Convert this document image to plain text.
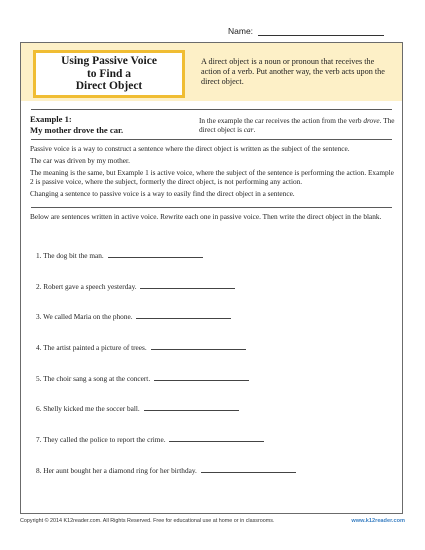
Name:
Using Passive Voice
to Find a
Direct Object
A direct object is a noun or pronoun that receives the action of a verb. Put another way, the verb acts upon the direct object.
Example 1:
My mother drove the car.
In the example the car receives the action from the verb drove. The direct object is car.
Passive voice is a way to construct a sentence where the direct object is written as the subject of the sentence.
The car was driven by my mother.
The meaning is the same, but Example 1 is active voice, where the subject of the sentence is performing the action. Example 2 is passive voice, where the subject, formerly the direct object, is not performing any action.
Changing a sentence to passive voice is a way to easily find the direct object in a sentence.
Below are sentences written in active voice. Rewrite each one in passive voice. Then write the direct object in the blank.
1. The dog bit the man.
2. Robert gave a speech yesterday.
3. We called Maria on the phone.
4. The artist painted a picture of trees.
5. The choir sang a song at the concert.
6. Shelly kicked me the soccer ball.
7. They called the police to report the crime.
8. Her aunt bought her a diamond ring for her birthday.
Copyright © 2014 K12reader.com. All Rights Reserved. Free for educational use at home or in classrooms.	www.k12reader.com
